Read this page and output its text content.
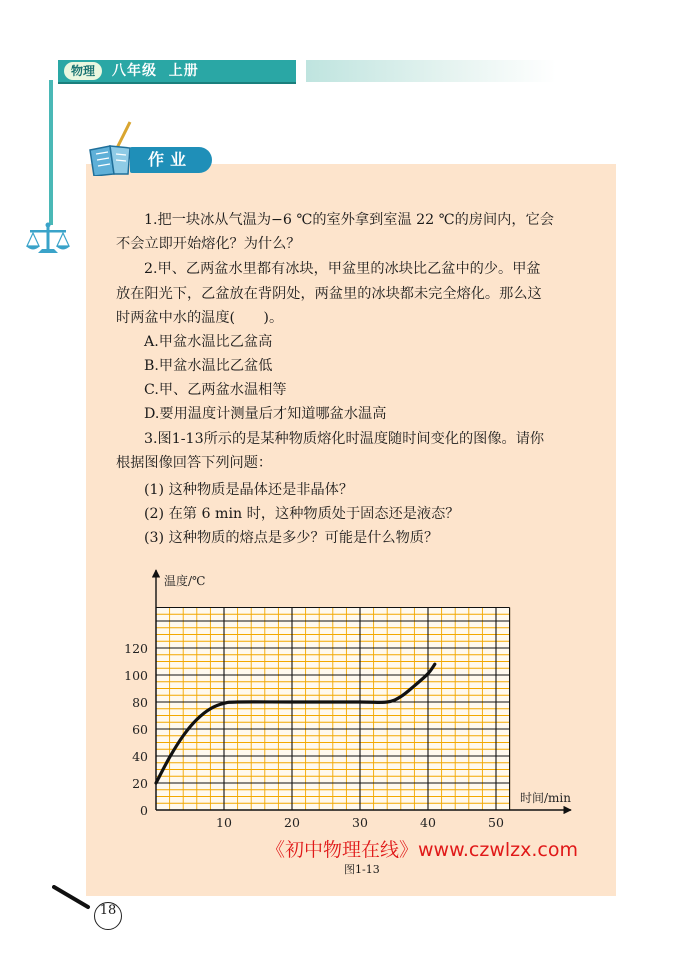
物理	八年级  上册
作业
1.把一块冰从气温为−6 ℃的室外拿到室温 22 ℃的房间内，它会
不会立即开始熔化？为什么？
2.甲、乙两盆水里都有冰块，甲盆里的冰块比乙盆中的少。甲盆
放在阳光下，乙盆放在背阴处，两盆里的冰块都未完全熔化。那么这
时两盆中水的温度(　　)。
A.甲盆水温比乙盆高
B.甲盆水温比乙盆低
C.甲、乙两盆水温相等
D.要用温度计测量后才知道哪盆水温高
3.图1-13所示的是某种物质熔化时温度随时间变化的图像。请你
根据图像回答下列问题：
(1) 这种物质是晶体还是非晶体？
(2) 在第 6 min 时，这种物质处于固态还是液态？
(3) 这种物质的熔点是多少？可能是什么物质？
温度/℃
时间/min
0
20
40
60
80
100
120
10	20	30	40	50
《初中物理在线》www.czwlzx.com
图1-13
18
